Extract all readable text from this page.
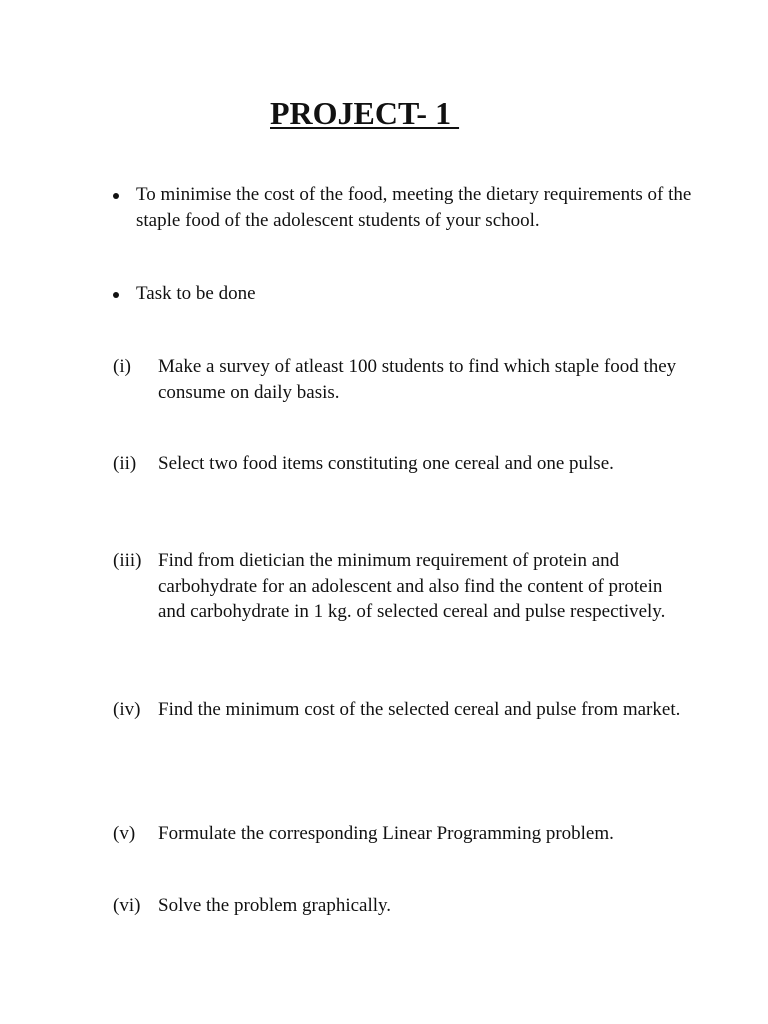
PROJECT- 1
To minimise the cost of the food, meeting the dietary requirements of the staple food of the adolescent students of your school.
Task to be done
(i) Make a survey of atleast 100 students to find which staple food they consume on daily basis.
(ii) Select two food items constituting one cereal and one pulse.
(iii) Find from dietician the minimum requirement of protein and carbohydrate for an adolescent and also find the content of protein and carbohydrate in 1 kg. of selected cereal and pulse respectively.
(iv) Find the minimum cost of the selected cereal and pulse from market.
(v) Formulate the corresponding Linear Programming problem.
(vi) Solve the problem graphically.
